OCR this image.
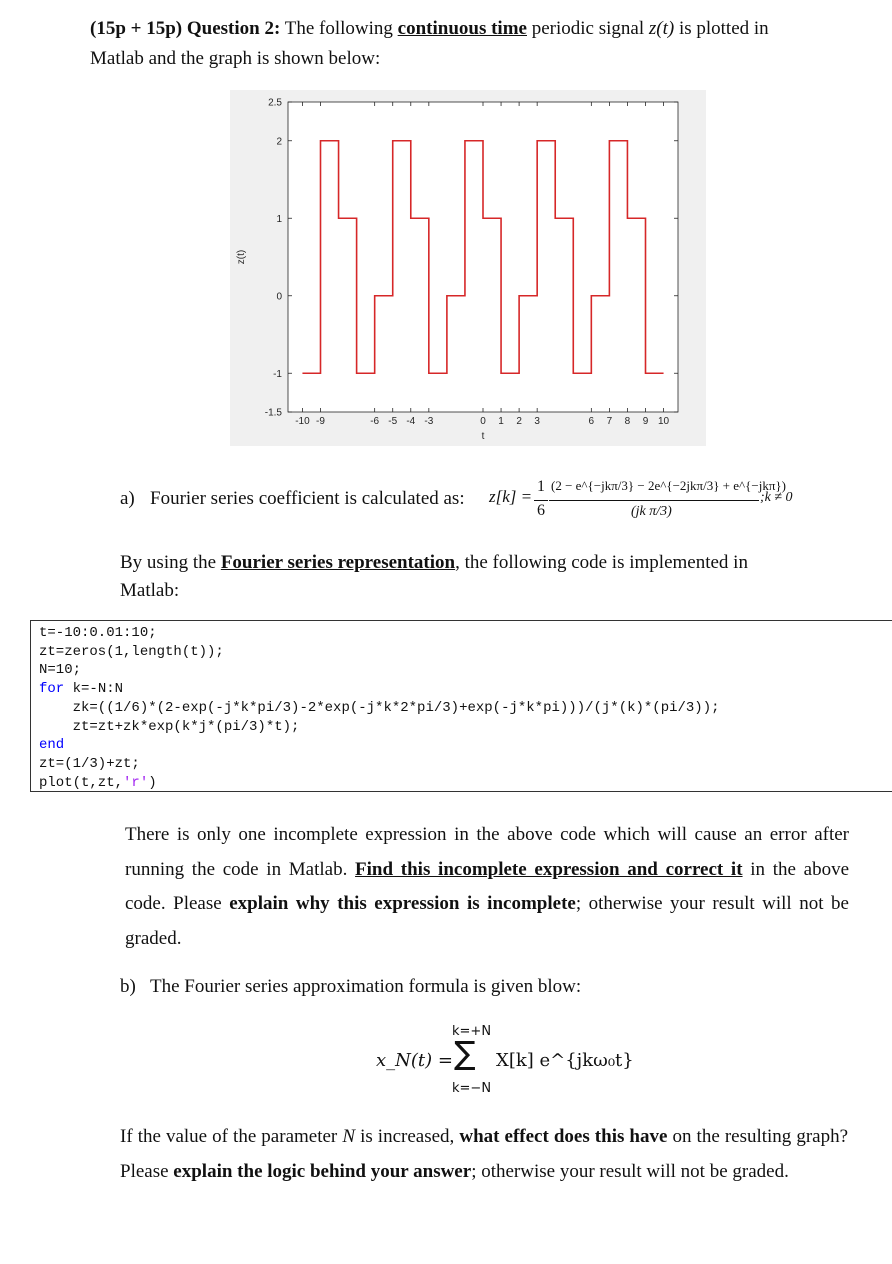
(15p + 15p) Question 2: The following continuous time periodic signal z(t) is plotted in
Matlab and the graph is shown below:
-1.5
-1
0
1
2
2.5
-10 -9	-6 -5 -4 -3	0 1 2 3	6 7 8 9 10
t
z(t)
a) Fourier series coefficient is calculated as: z[k] =
1
6
(2 − e^{−jkπ/3} − 2e^{−2jkπ/3} + e^{−jkπ})
(jk π/3)
;k ≠ 0
By using the Fourier series representation, the following code is implemented in
Matlab:
t=-10:0.01:10;
zt=zeros(1,length(t));
N=10;
for k=-N:N
zk=((1/6)*(2-exp(-j*k*pi/3)-2*exp(-j*k*2*pi/3)+exp(-j*k*pi)))/(j*(k)*(pi/3));
zt=zt+zk*exp(k*j*(pi/3)*t);
end
zt=(1/3)+zt;
plot(t,zt,'r')
There is only one incomplete expression in the above code which will cause an error after running the code in Matlab. Find this incomplete expression and correct it in the above code. Please explain why this expression is incomplete; otherwise your result will not be graded.
b) The Fourier series approximation formula is given blow:
k=+N
∑
k=−N
x_N(t) = X[k] e^{jkω₀t}
If the value of the parameter N is increased, what effect does this have on the resulting graph? Please explain the logic behind your answer; otherwise your result will not be graded.
